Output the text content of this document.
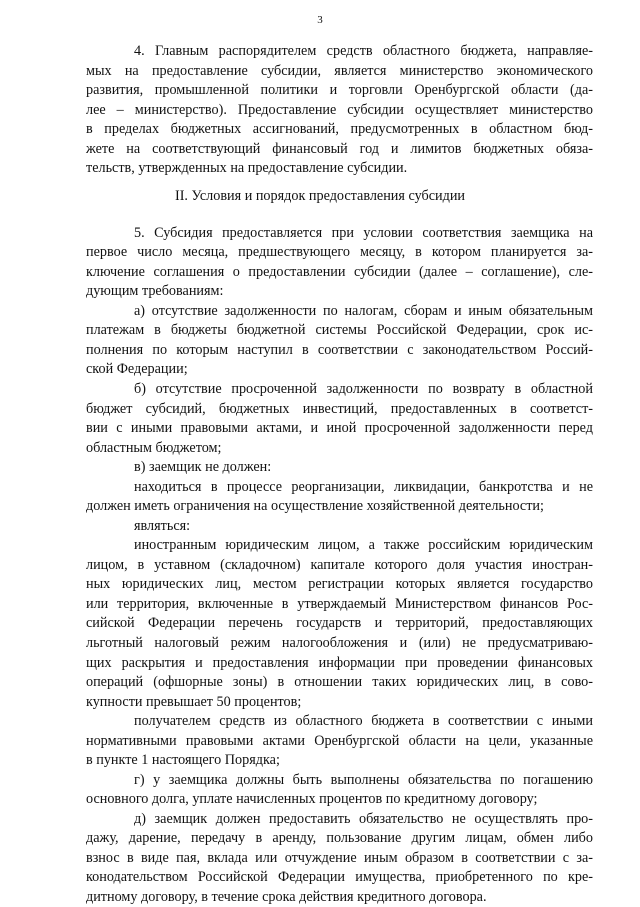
3
4. Главным распорядителем средств областного бюджета, направляе-
мых на предоставление субсидии, является министерство экономического
развития, промышленной политики и торговли Оренбургской области (да-
лее – министерство). Предоставление субсидии осуществляет министерство
в пределах бюджетных ассигнований, предусмотренных в областном бюд-
жете на соответствующий финансовый год и лимитов бюджетных обяза-
тельств, утвержденных на предоставление субсидии.
II. Условия и порядок предоставления субсидии
5. Субсидия предоставляется при условии соответствия заемщика на
первое число месяца, предшествующего месяцу, в котором планируется за-
ключение соглашения о предоставлении субсидии (далее – соглашение), сле-
дующим требованиям:
а) отсутствие задолженности по налогам, сборам и иным обязательным
платежам в бюджеты бюджетной системы Российской Федерации, срок ис-
полнения по которым наступил в соответствии с законодательством Россий-
ской Федерации;
б) отсутствие просроченной задолженности по возврату в областной
бюджет субсидий, бюджетных инвестиций, предоставленных в соответст-
вии с иными правовыми актами, и иной просроченной задолженности перед
областным бюджетом;
в) заемщик не должен:
находиться в процессе реорганизации, ликвидации, банкротства и не
должен иметь ограничения на осуществление хозяйственной деятельности;
являться:
иностранным юридическим лицом, а также российским юридическим
лицом, в уставном (складочном) капитале которого доля участия иностран-
ных юридических лиц, местом регистрации которых является государство
или территория, включенные в утверждаемый Министерством финансов Рос-
сийской Федерации перечень государств и территорий, предоставляющих
льготный налоговый режим налогообложения и (или) не предусматриваю-
щих раскрытия и предоставления информации при проведении финансовых
операций (офшорные зоны) в отношении таких юридических лиц, в сово-
купности превышает 50 процентов;
получателем средств из областного бюджета в соответствии с иными
нормативными правовыми актами Оренбургской области на цели, указанные
в пункте 1 настоящего Порядка;
г) у заемщика должны быть выполнены обязательства по погашению
основного долга, уплате начисленных процентов по кредитному договору;
д) заемщик должен предоставить обязательство не осуществлять про-
дажу, дарение, передачу в аренду, пользование другим лицам, обмен либо
взнос в виде пая, вклада или отчуждение иным образом в соответствии с за-
конодательством Российской Федерации имущества, приобретенного по кре-
дитному договору, в течение срока действия кредитного договора.
